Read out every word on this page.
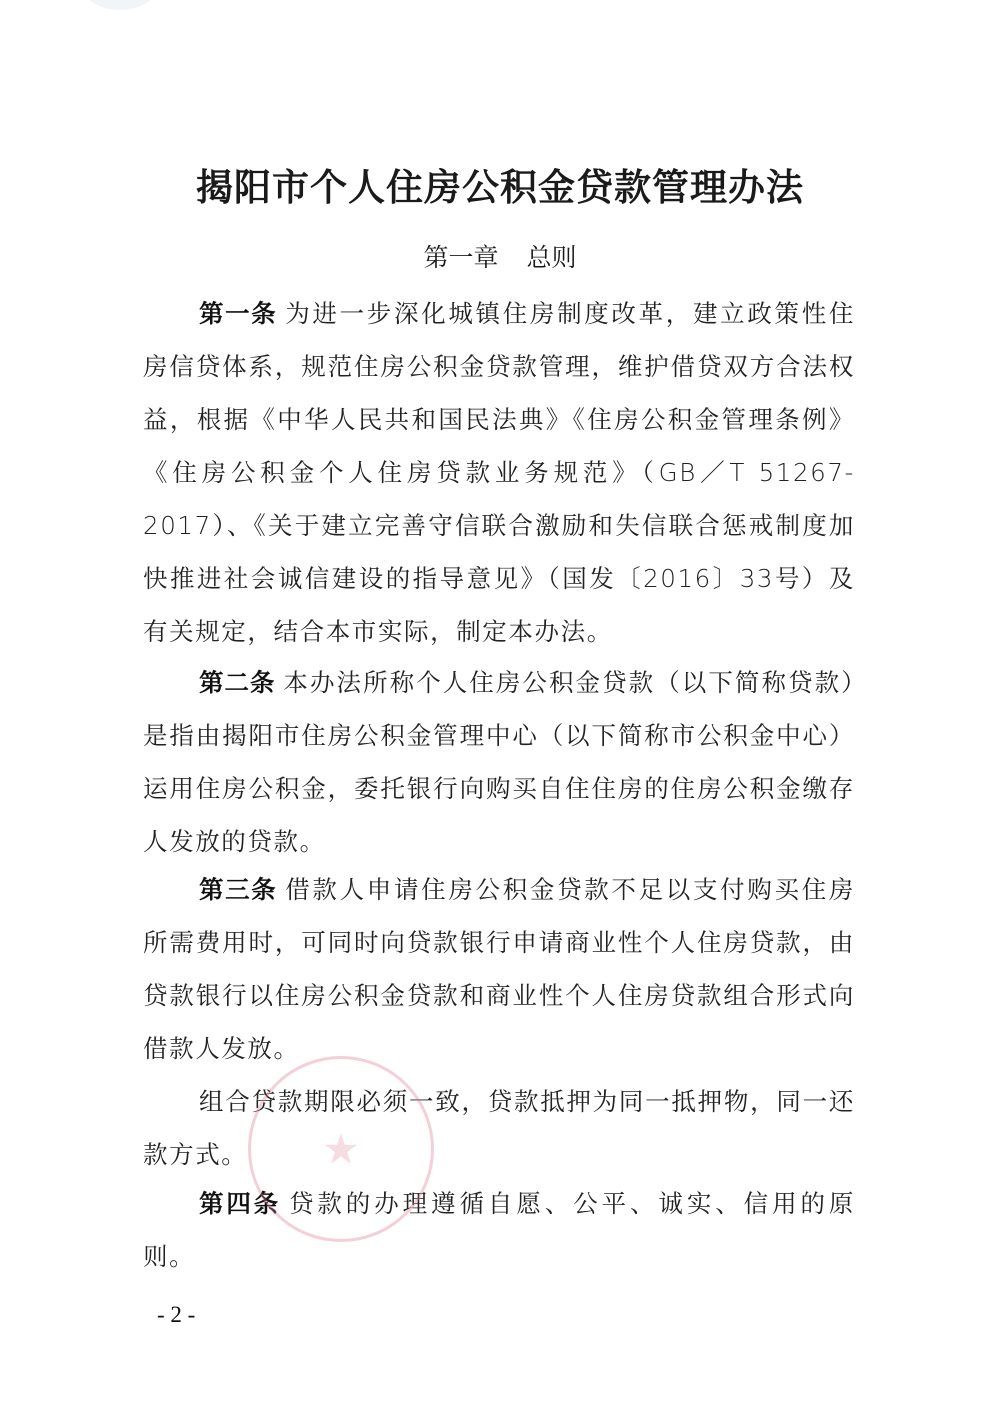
揭阳市个人住房公积金贷款管理办法
第一章 总则
第一条 为进一步深化城镇住房制度改革，建立政策性住房信贷体系，规范住房公积金贷款管理，维护借贷双方合法权益，根据《中华人民共和国民法典》《住房公积金管理条例》《住房公积金个人住房贷款业务规范》（GB／T 51267-2017）、《关于建立完善守信联合激励和失信联合惩戒制度加快推进社会诚信建设的指导意见》（国发〔2016〕33号）及有关规定，结合本市实际，制定本办法。
第二条 本办法所称个人住房公积金贷款（以下简称贷款）是指由揭阳市住房公积金管理中心（以下简称市公积金中心）运用住房公积金，委托银行向购买自住住房的住房公积金缴存人发放的贷款。
第三条 借款人申请住房公积金贷款不足以支付购买住房所需费用时，可同时向贷款银行申请商业性个人住房贷款，由贷款银行以住房公积金贷款和商业性个人住房贷款组合形式向借款人发放。
组合贷款期限必须一致，贷款抵押为同一抵押物，同一还款方式。
第四条 贷款的办理遵循自愿、公平、诚实、信用的原则。
★
- 2 -
